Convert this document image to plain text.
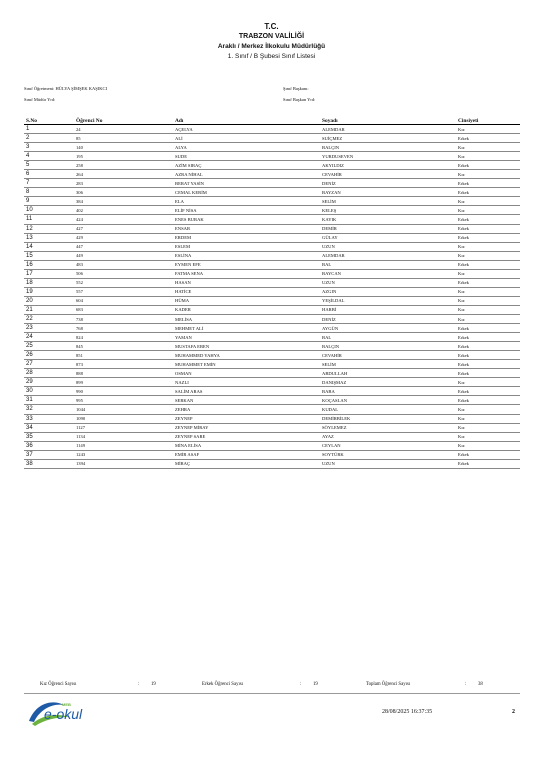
T.C.
TRABZON VALİLİĞİ
Araklı / Merkez İlkokulu Müdürlüğü
1. Sınıf / B Şubesi Sınıf Listesi
Sınıf Öğretmeni: HÜLYA ŞİMŞEK KAŞIKCI	Şınıf Başkanı:
Sınıf Müdür Yrd:	Sınıf Başkan Yrd:
S.No	Öğrenci No	Adı	Soyadı	Cinsiyeti
1	24	AÇELYA	ALEMDAR	Kız
2	85	ALİ	SUİÇMEZ	Erkek
3	140	ALYA	BALÇIN	Kız
4	195	SUDE	YURDUSEVEN	Kız
5	258	AZİM SIRAÇ	AKYILDIZ	Erkek
6	264	AZRA NİHAL	CEVAHİR	Kız
7	283	BERAT YASİN	DENİZ	Erkek
8	306	CEMAL KERİM	BAYZAN	Erkek
9	384	ELA	SELİM	Kız
10	402	ELİF NİSA	KELEŞ	Kız
11	424	ENES BURAK	KAYIK	Erkek
12	427	ENSAR	DEMİR	Erkek
13	429	ERDEM	GÜLAY	Erkek
14	447	ESLEM	UZUN	Kız
15	449	ESLİNA	ALEMDAR	Kız
16	483	EYMEN EFE	BAL	Erkek
17	506	FATMA SENA	BAYCAN	Kız
18	552	HASAN	UZUN	Erkek
19	557	HATİCE	AZGIN	Kız
20	604	HÜMA	YEŞİLDAL	Kız
21	683	KADER	HARBİ	Kız
22	738	MELİSA	DENİZ	Kız
23	768	MEHMET ALİ	AYGÜN	Erkek
24	824	YAMAN	BAL	Erkek
25	845	MUSTAFA EREN	BALÇIN	Erkek
26	851	MUHAMMED YAHYA	CEVAHİR	Erkek
27	873	MUHAMMET EMİN	SELİM	Erkek
28	888	OSMAN	ABDULLAH	Erkek
29	899	NAZLI	DANIŞMAZ	Kız
30	990	SALİM ARAS	BABA	Erkek
31	995	SERKAN	KOÇASLAN	Erkek
32	1044	ZEHRA	KUDAL	Kız
33	1090	ZEYNEP	DEMİRBİLEK	Kız
34	1127	ZEYNEP MİRAY	SÖYLEMEZ	Kız
35	1134	ZEYNEP SARE	AYAZ	Kız
36	1149	MİNA ELİSA	CEYLAN	Kız
37	1243	EMİR ASAF	SOYTÜRK	Erkek
38	1394	MİRAÇ	UZUN	Erkek
Kız Öğrenci Sayısı	: 19	Erkek Öğrenci Sayısı	: 19	Toplam Öğrenci Sayısı	: 38
MEB
e-okul	28/08/2025 16:37:35	2
